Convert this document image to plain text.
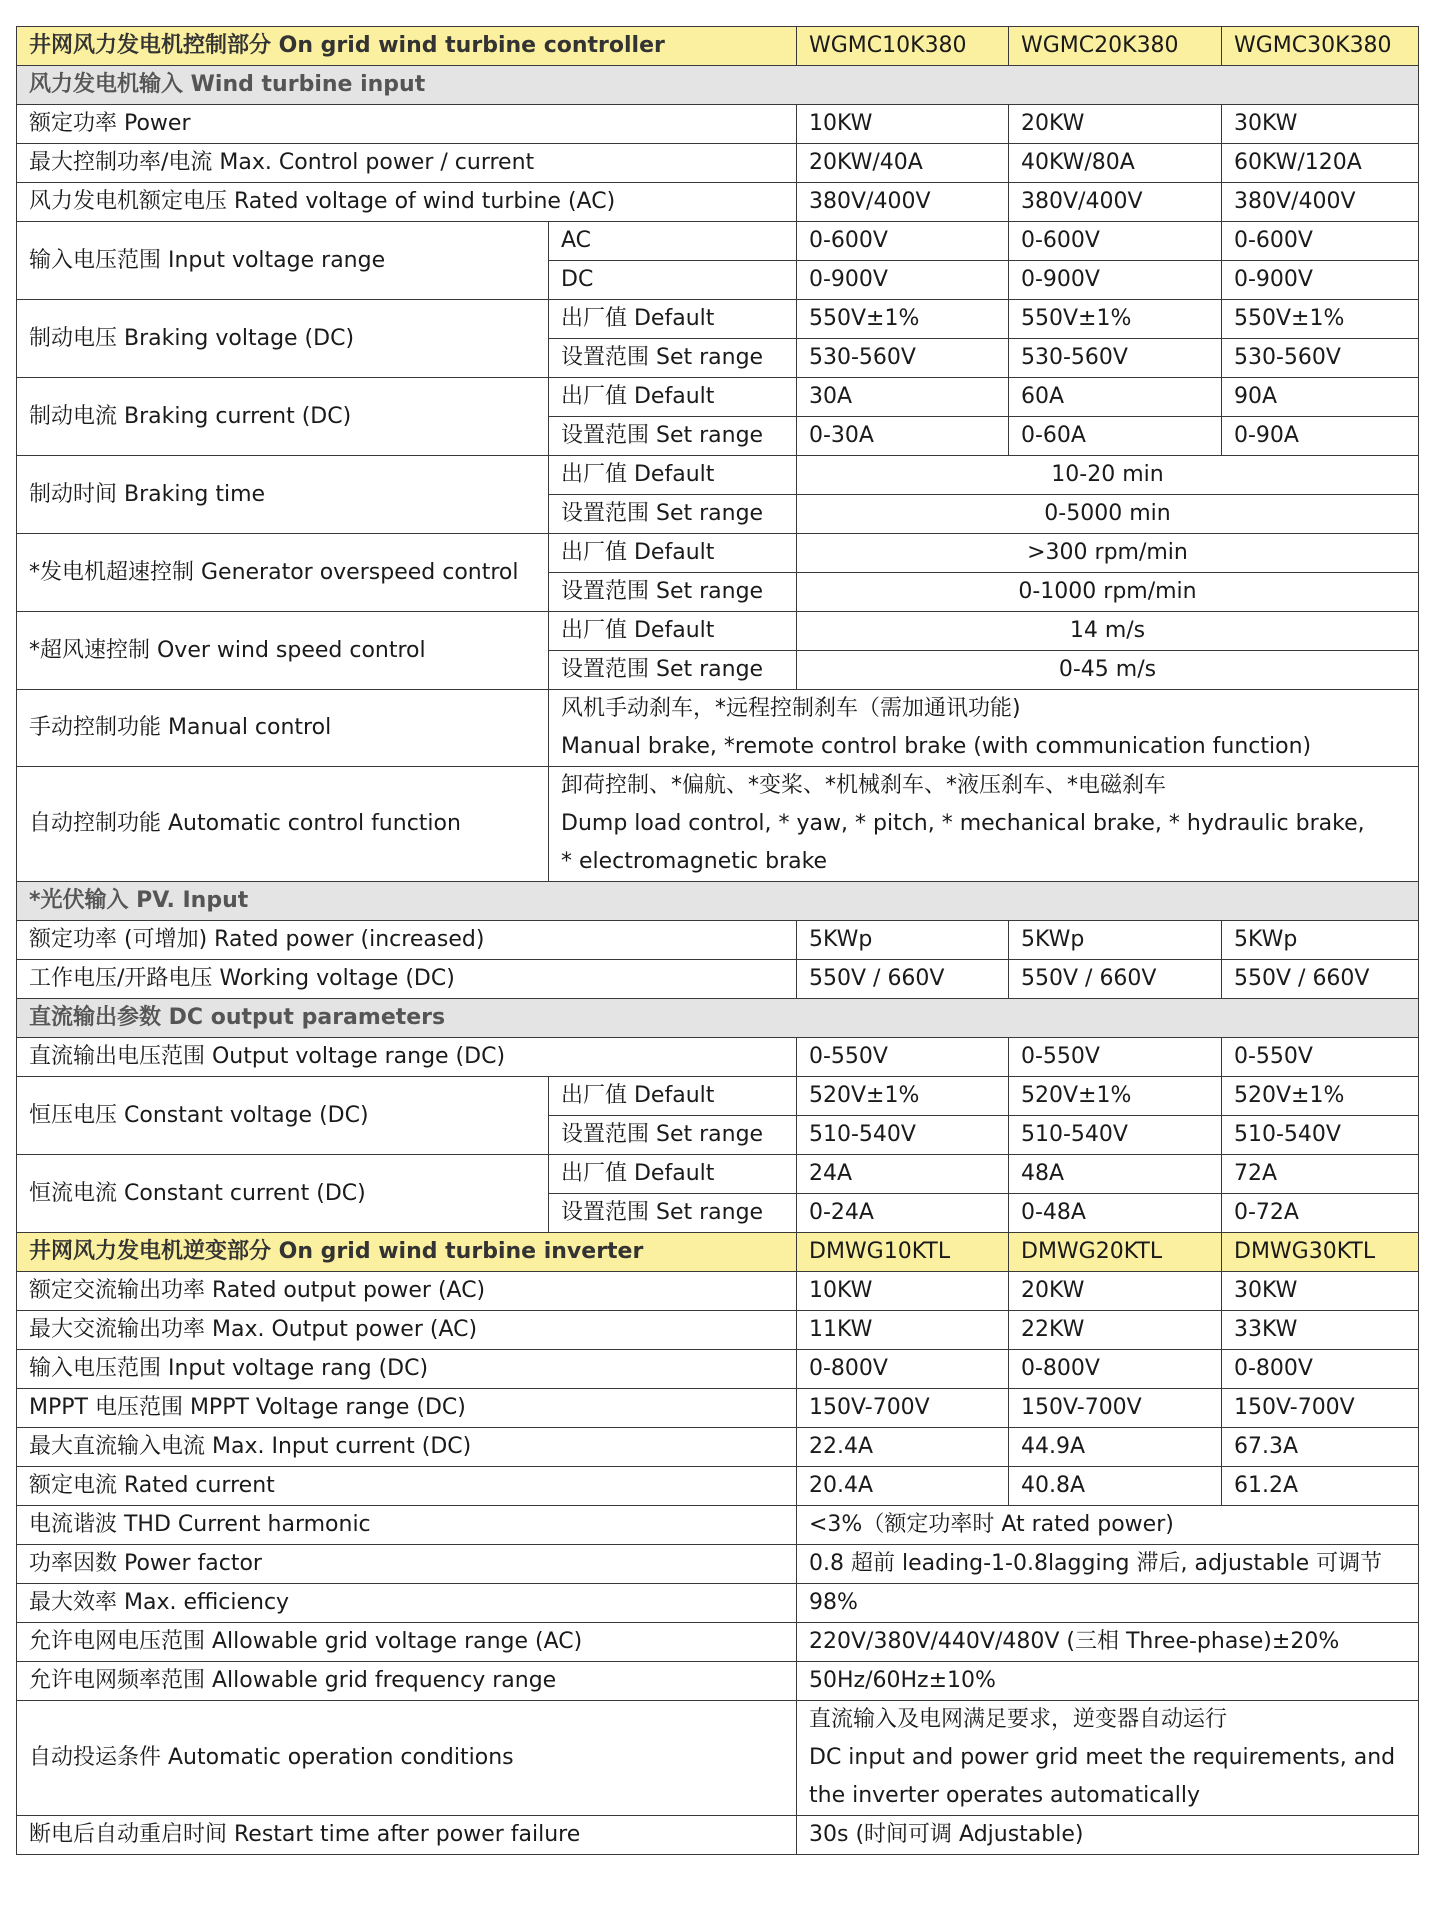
井网风力发电机控制部分 On grid wind turbine controller		WGMC10K380	WGMC20K380	WGMC30K380
风力发电机输入 Wind turbine input				
额定功率 Power		10KW	20KW	30KW
最大控制功率/电流 Max. Control power / current		20KW/40A	40KW/80A	60KW/120A
风力发电机额定电压 Rated voltage of wind turbine (AC)		380V/400V	380V/400V	380V/400V
输入电压范围 Input voltage range	AC	0-600V	0-600V	0-600V
	DC	0-900V	0-900V	0-900V
制动电压 Braking voltage (DC)	出厂值 Default	550V±1%	550V±1%	550V±1%
	设置范围 Set range	530-560V	530-560V	530-560V
制动电流 Braking current (DC)	出厂值 Default	30A	60A	90A
	设置范围 Set range	0-30A	0-60A	0-90A
制动时间 Braking time	出厂值 Default	10-20 min		
	设置范围 Set range	0-5000 min		
*发电机超速控制 Generator overspeed control	出厂值 Default	>300 rpm/min		
	设置范围 Set range	0-1000 rpm/min		
*超风速控制 Over wind speed control	出厂值 Default	14 m/s		
	设置范围 Set range	0-45 m/s		
手动控制功能 Manual control	风机手动刹车，*远程控制刹车（需加通讯功能)
Manual brake, *remote control brake (with communication function)			

自动控制功能 Automatic control function	卸荷控制、*偏航、*变桨、*机械刹车、*液压刹车、*电磁刹车
Dump load control, * yaw, * pitch, * mechanical brake, * hydraulic brake,
* electromagnetic brake			

*光伏输入 PV. Input				
额定功率 (可增加) Rated power (increased)		5KWp	5KWp	5KWp
工作电压/开路电压 Working voltage (DC)		550V / 660V	550V / 660V	550V / 660V
直流输出参数 DC output parameters				
直流输出电压范围 Output voltage range (DC)		0-550V	0-550V	0-550V
恒压电压 Constant voltage (DC)	出厂值 Default	520V±1%	520V±1%	520V±1%
	设置范围 Set range	510-540V	510-540V	510-540V
恒流电流 Constant current (DC)	出厂值 Default	24A	48A	72A
	设置范围 Set range	0-24A	0-48A	0-72A
井网风力发电机逆变部分 On grid wind turbine inverter		DMWG10KTL	DMWG20KTL	DMWG30KTL
额定交流输出功率 Rated output power (AC)		10KW	20KW	30KW
最大交流输出功率 Max. Output power (AC)		11KW	22KW	33KW
输入电压范围 Input voltage rang (DC)		0-800V	0-800V	0-800V
MPPT 电压范围 MPPT Voltage range (DC)		150V-700V	150V-700V	150V-700V
最大直流输入电流 Max. Input current (DC)		22.4A	44.9A	67.3A
额定电流 Rated current		20.4A	40.8A	61.2A
电流谐波 THD Current harmonic		<3%（额定功率时 At rated power)		
功率因数 Power factor		0.8 超前 leading-1-0.8lagging 滞后, adjustable 可调节		
最大效率 Max. efficiency		98%		
允许电网电压范围 Allowable grid voltage range (AC)		220V/380V/440V/480V (三相 Three-phase)±20%		
允许电网频率范围 Allowable grid frequency range		50Hz/60Hz±10%		
自动投运条件 Automatic operation conditions		直流输入及电网满足要求，逆变器自动运行
DC input and power grid meet the requirements, and
the inverter operates automatically		

断电后自动重启时间 Restart time after power failure		30s (时间可调 Adjustable)		
